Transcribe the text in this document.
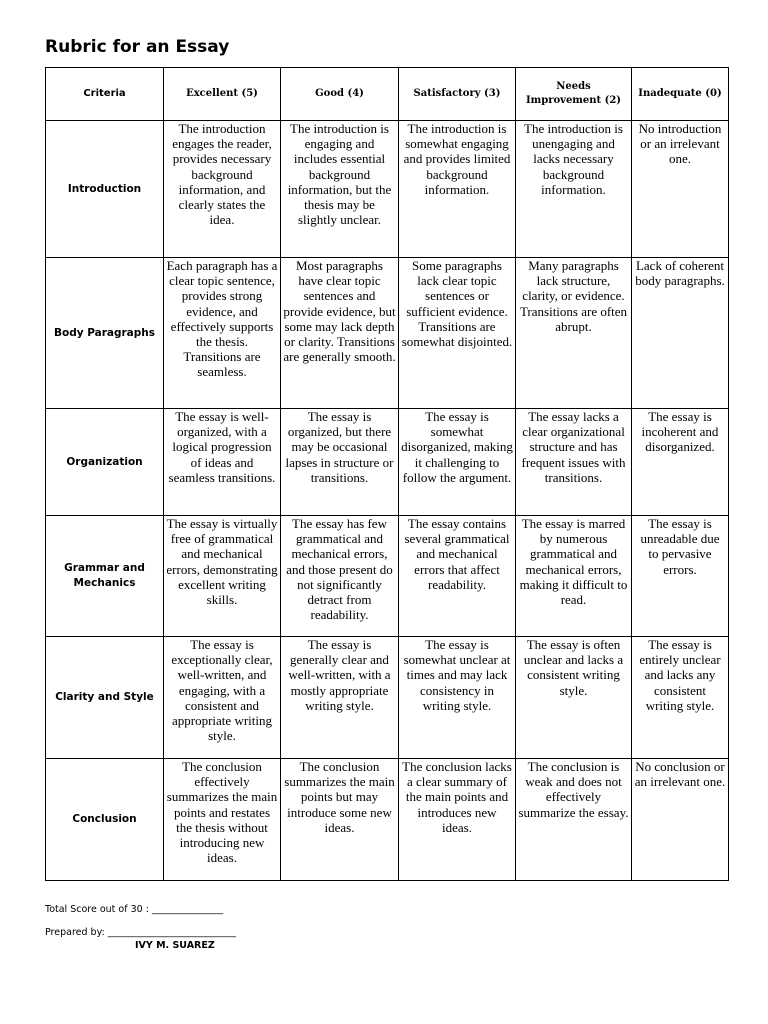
Rubric for an Essay
Criteria	Excellent (5)	Good (4)	Satisfactory (3)	Needs Improvement (2)	Inadequate (0)
Introduction	The introduction engages the reader, provides necessary background information, and clearly states the idea.	The introduction is engaging and includes essential background information, but the thesis may be slightly unclear.	The introduction is somewhat engaging and provides limited background information.	The introduction is unengaging and lacks necessary background information.	No introduction or an irrelevant one.
Body Paragraphs	Each paragraph has a clear topic sentence, provides strong evidence, and effectively supports the thesis. Transitions are seamless.	Most paragraphs have clear topic sentences and provide evidence, but some may lack depth or clarity. Transitions are generally smooth.	Some paragraphs lack clear topic sentences or sufficient evidence. Transitions are somewhat disjointed.	Many paragraphs lack structure, clarity, or evidence. Transitions are often abrupt.	Lack of coherent body paragraphs.
Organization	The essay is well-organized, with a logical progression of ideas and seamless transitions.	The essay is organized, but there may be occasional lapses in structure or transitions.	The essay is somewhat disorganized, making it challenging to follow the argument.	The essay lacks a clear organizational structure and has frequent issues with transitions.	The essay is incoherent and disorganized.
Grammar and Mechanics	The essay is virtually free of grammatical and mechanical errors, demonstrating excellent writing skills.	The essay has few grammatical and mechanical errors, and those present do not significantly detract from readability.	The essay contains several grammatical and mechanical errors that affect readability.	The essay is marred by numerous grammatical and mechanical errors, making it difficult to read.	The essay is unreadable due to pervasive errors.
Clarity and Style	The essay is exceptionally clear, well-written, and engaging, with a consistent and appropriate writing style.	The essay is generally clear and well-written, with a mostly appropriate writing style.	The essay is somewhat unclear at times and may lack consistency in writing style.	The essay is often unclear and lacks a consistent writing style.	The essay is entirely unclear and lacks any consistent writing style.
Conclusion	The conclusion effectively summarizes the main points and restates the thesis without introducing new ideas.	The conclusion summarizes the main points but may introduce some new ideas.	The conclusion lacks a clear summary of the main points and introduces new ideas.	The conclusion is weak and does not effectively summarize the essay.	No conclusion or an irrelevant one.
Total Score out of 30 : _______________
Prepared by: ___________________________
IVY M. SUAREZ
